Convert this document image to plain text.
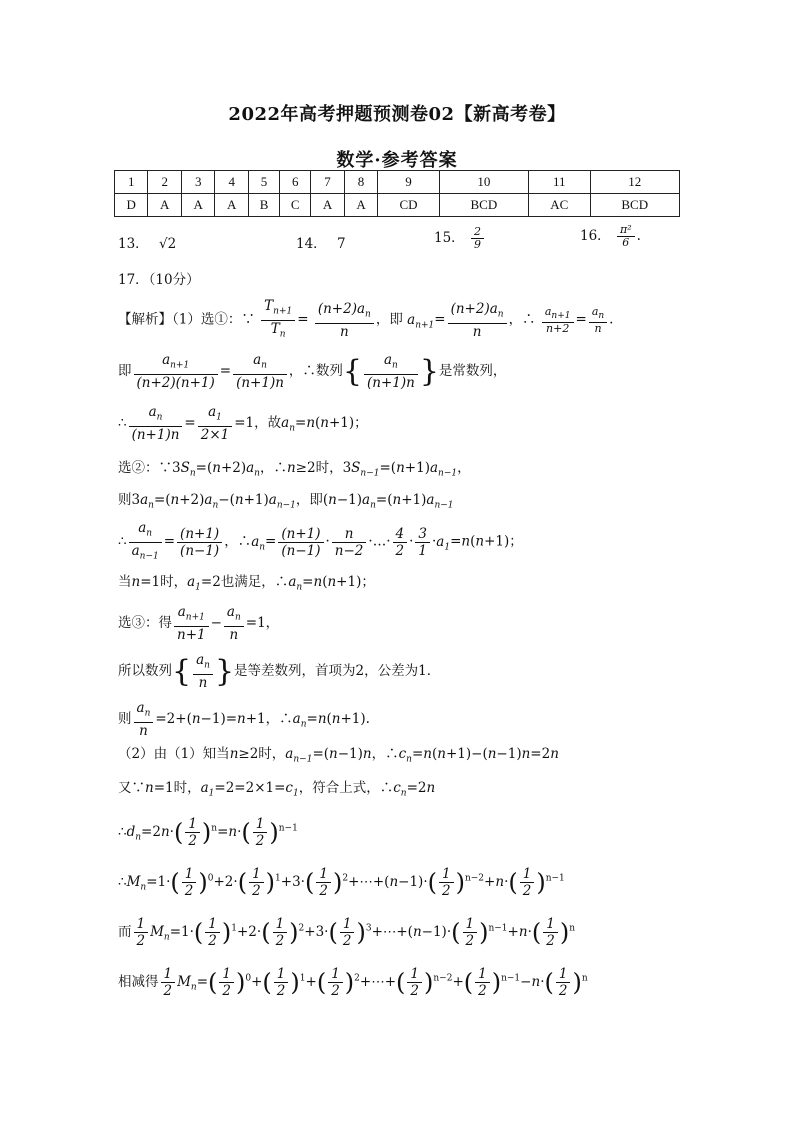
2022年高考押题预测卷02【新高考卷】
数学·参考答案
1	2	3	4	5	6	7	8	9	10	11	12
D	A	A	A	B	C	A	A	CD	BCD	AC	BCD
13． √2	14． 7	15． $\frac{2}{9}$	16． $\frac{\text{π²}}{6}$ .
17．（10分）
【解析】（1）选①：∵ $\frac{T_{n+1}}{T_n} = \frac{(n+2)a_n}{n}$ ，即 $a_{n+1}= \frac{(n+2)a_n}{n}$ ，∴ $\frac{a_{n+1}}{n+2} = \frac{a_n}{n}$ .
即 $\frac{a_{n+1}}{(n+2)(n+1)} = \frac{a_n}{(n+1)n}$ ，∴数列{ $\frac{a_n}{(n+1)n}$ }是常数列，
∴ $\frac{a_n}{(n+1)n} = \frac{a_1}{2\times 1} =1$，故$a_n=n(n+1)$；
选②：$\because 3S_n=(n+2)a_n$，∴n≥2时，$3S_{n-1}=(n+1)a_{n-1}$，
则$3a_n=(n+2)a_n-(n+1)a_{n-1}$，即$(n-1)a_n=(n+1)a_{n-1}$
∴ $\frac{a_n}{a_{n-1}} = \frac{(n+1)}{(n-1)}$ ，$\therefore a_n= \frac{(n+1)}{(n-1)} \cdot \frac{n}{n-2}$ ·…· $\frac{4}{2} \cdot \frac{3}{1} \cdot a_1=n(n+1)$；
当n=1时，$a_1=2$也满足，$\therefore a_n=n(n+1)$；
选③：得 $\frac{a_{n+1}}{n+1} - \frac{a_n}{n} =1$，
所以数列{ $\frac{a_n}{n}$ }是等差数列，首项为2，公差为1．
则 $\frac{a_n}{n} =2+(n-1)=n+1$，$\therefore a_n=n(n+1)$.
（2）由（1）知当n≥2时，$a_{n-1}=(n-1)n$，$\therefore c_n=n(n+1)-(n-1)n=2n$
又∵n=1时，$a_1=2=2\times 1=c_1$，符合上式，$\therefore c_n=2n$
$\therefore d_n=2n\cdot( \frac{1}{2} )^n=n\cdot( \frac{1}{2} )^{n-1}$
$\therefore M_n=1\cdot( \frac{1}{2} )^0+2\cdot( \frac{1}{2} )^1+3\cdot( \frac{1}{2}$ )$^2+\cdots+(n-1)\cdot( \frac{1}{2} )^{n-2}+n\cdot( \frac{1}{2} )^{n-1}$
而 $\frac{1}{2} M_n=1\cdot( \frac{1}{2} )^1+2\cdot( \frac{1}{2} )^2+3\cdot( \frac{1}{2}$ )$^3+\cdots+(n-1)\cdot( \frac{1}{2} )^{n-1}+n\cdot( \frac{1}{2} )^n$
相减得 $\frac{1}{2} M_n=( \frac{1}{2} )^0+( \frac{1}{2} )^1+( \frac{1}{2}$ )$^2+\cdots+( \frac{1}{2} )^{n-2}+( \frac{1}{2} )^{n-1}-n\cdot( \frac{1}{2} )^n$
